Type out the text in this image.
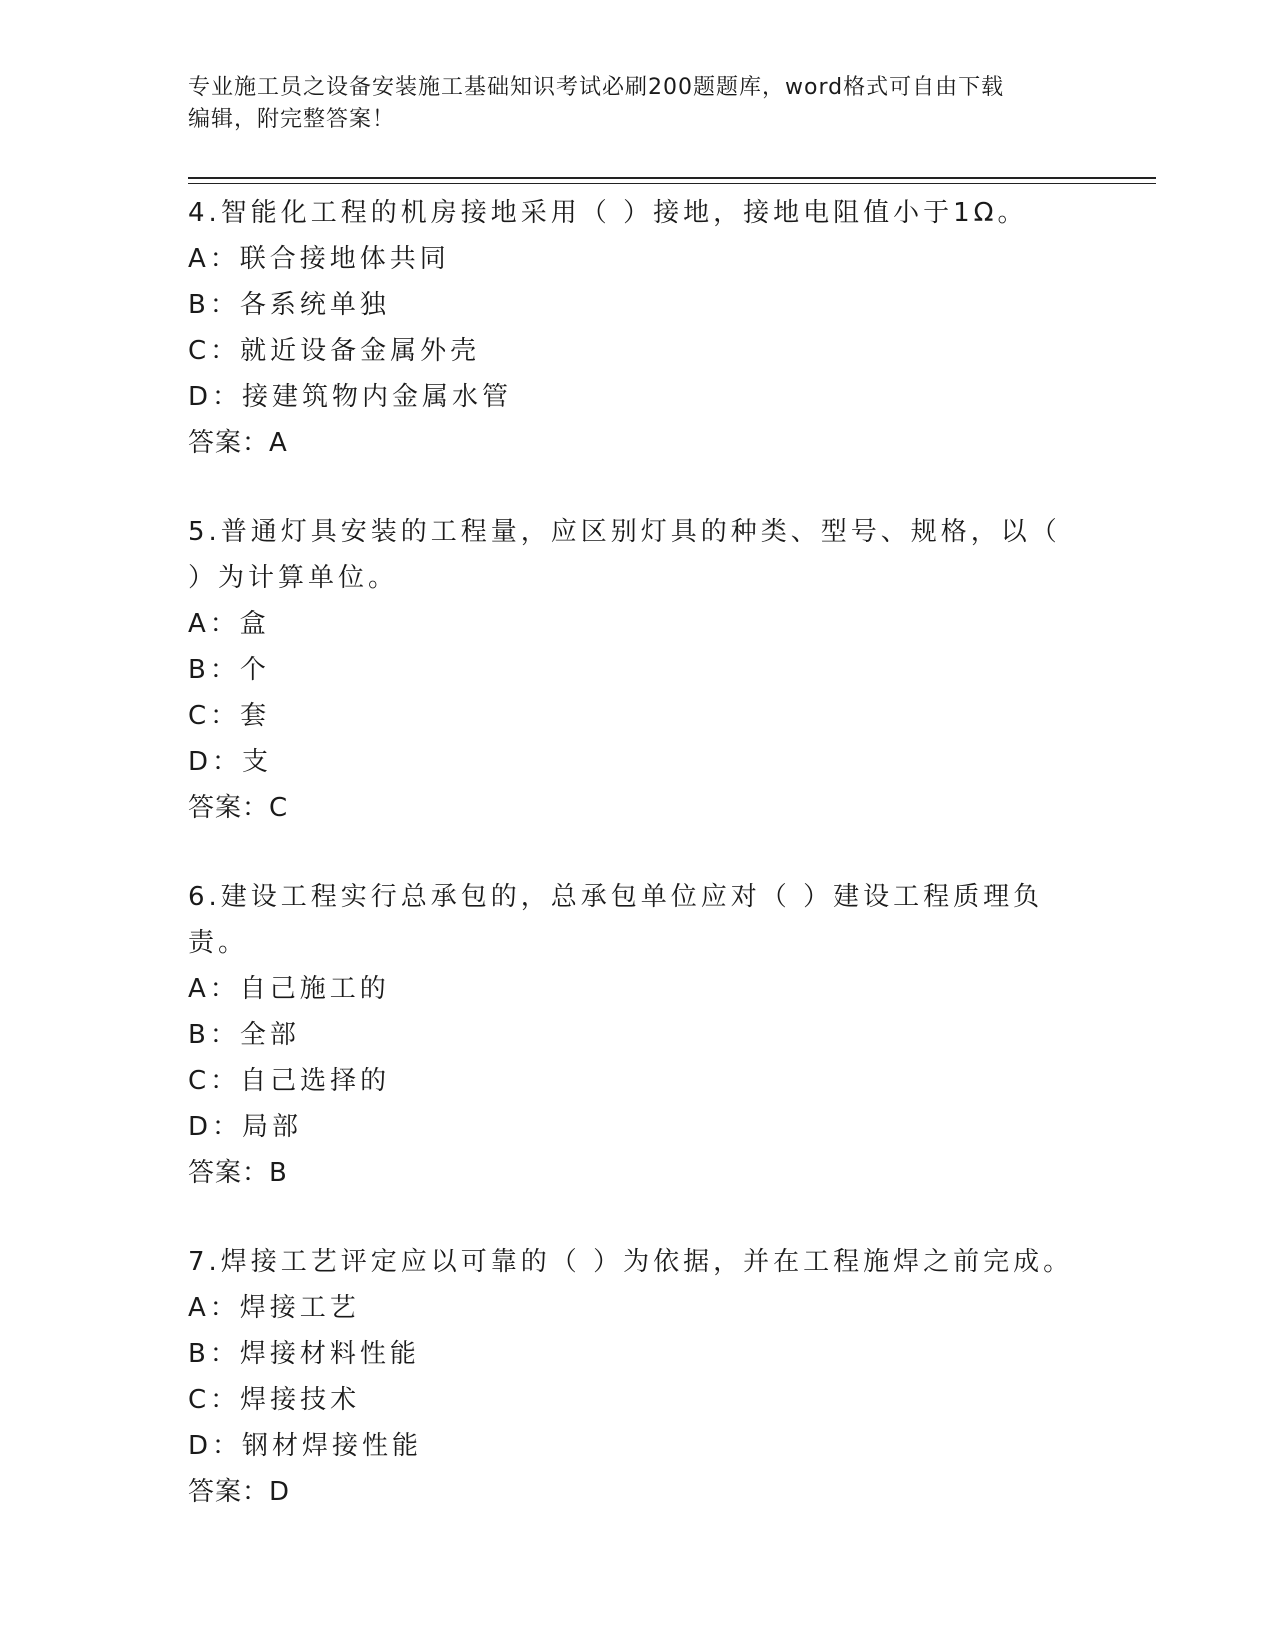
专业施工员之设备安装施工基础知识考试必刷200题题库，word格式可自由下载
编辑，附完整答案！
4.智能化工程的机房接地采用（ ）接地，接地电阻值小于1Ω。
A：联合接地体共同
B：各系统单独
C：就近设备金属外壳
D：接建筑物内金属水管
答案：A
5.普通灯具安装的工程量，应区别灯具的种类、型号、规格，以（ ）为计算单位。
A：盒
B：个
C：套
D：支
答案：C
6.建设工程实行总承包的，总承包单位应对（ ）建设工程质理负责。
A：自己施工的
B：全部
C：自己选择的
D：局部
答案：B
7.焊接工艺评定应以可靠的（ ）为依据，并在工程施焊之前完成。
A：焊接工艺
B：焊接材料性能
C：焊接技术
D：钢材焊接性能
答案：D
